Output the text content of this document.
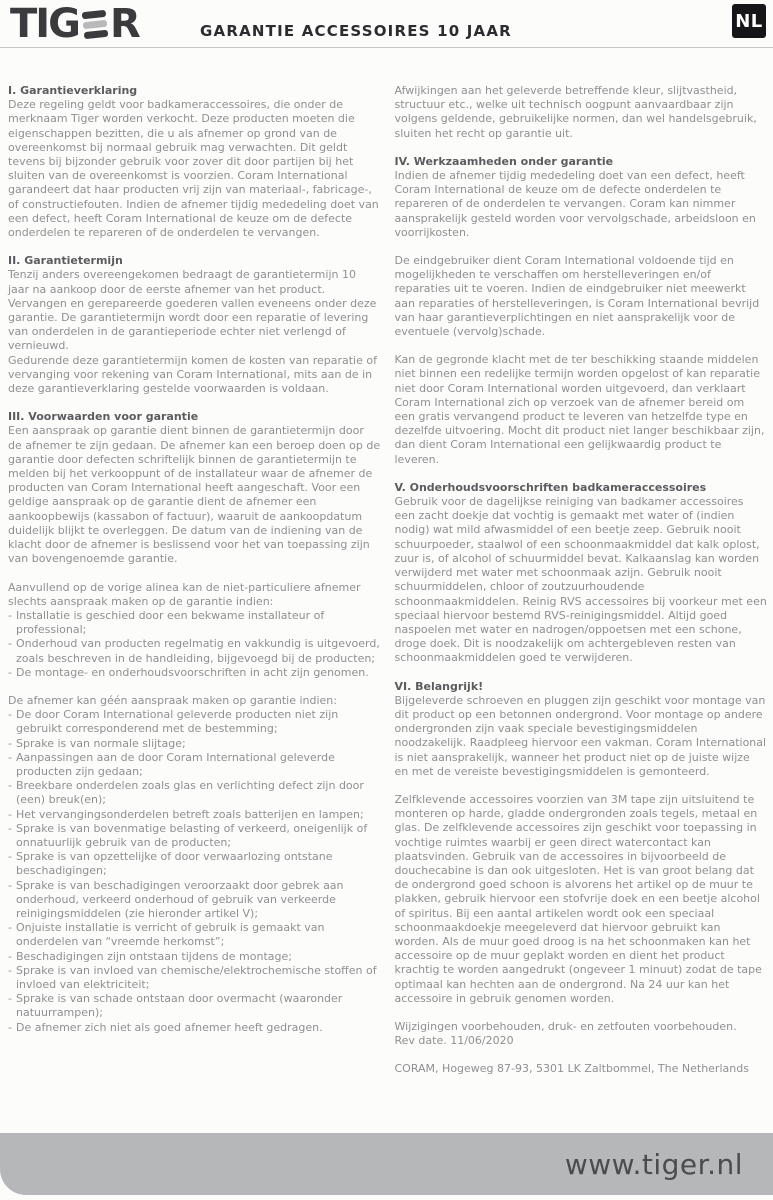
TIG R	GARANTIE ACCESSOIRES 10 JAAR	NL
I. Garantieverklaring

Deze regeling geldt voor badkameraccessoires, die onder de merknaam Tiger worden verkocht. Deze producten moeten die eigenschappen bezitten, die u als afnemer op grond van de overeenkomst bij normaal gebruik mag verwachten. Dit geldt tevens bij bijzonder gebruik voor zover dit door partijen bij het sluiten van de overeenkomst is voorzien. Coram International garandeert dat haar producten vrij zijn van materiaal-, fabricage-, of constructiefouten. Indien de afnemer tijdig mededeling doet van een defect, heeft Coram International de keuze om de defecte onderdelen te repareren of de onderdelen te vervangen.

II. Garantietermijn

Tenzij anders overeengekomen bedraagt de garantietermijn 10 jaar na aankoop door de eerste afnemer van het product.

Vervangen en gerepareerde goederen vallen eveneens onder deze garantie. De garantietermijn wordt door een reparatie of levering van onderdelen in de garantieperiode echter niet verlengd of vernieuwd.

Gedurende deze garantietermijn komen de kosten van reparatie of vervanging voor rekening van Coram International, mits aan de in deze garantieverklaring gestelde voorwaarden is voldaan.

III. Voorwaarden voor garantie

Een aanspraak op garantie dient binnen de garantietermijn door de afnemer te zijn gedaan. De afnemer kan een beroep doen op de garantie door defecten schriftelijk binnen de garantietermijn te melden bij het verkooppunt of de installateur waar de afnemer de producten van Coram International heeft aangeschaft. Voor een geldige aanspraak op de garantie dient de afnemer een aankoopbewijs (kassabon of factuur), waaruit de aankoopdatum duidelijk blijkt te overleggen. De datum van de indiening van de klacht door de afnemer is beslissend voor het van toepassing zijn van bovengenoemde garantie.

Aanvullend op de vorige alinea kan de niet-particuliere afnemer slechts aanspraak maken op de garantie indien:

- Installatie is geschied door een bekwame installateur of professional;
- Onderhoud van producten regelmatig en vakkundig is uitgevoerd, zoals beschreven in de handleiding, bijgevoegd bij de producten;
- De montage- en onderhoudsvoorschriften in acht zijn genomen.

De afnemer kan géén aanspraak maken op garantie indien:

- De door Coram International geleverde producten niet zijn gebruikt corresponderend met de bestemming;
- Sprake is van normale slijtage;
- Aanpassingen aan de door Coram International geleverde producten zijn gedaan;
- Breekbare onderdelen zoals glas en verlichting defect zijn door (een) breuk(en);
- Het vervangingsonderdelen betreft zoals batterijen en lampen;
- Sprake is van bovenmatige belasting of verkeerd, oneigenlijk of onnatuurlijk gebruik van de producten;
- Sprake is van opzettelijke of door verwaarlozing ontstane beschadigingen;
- Sprake is van beschadigingen veroorzaakt door gebrek aan onderhoud, verkeerd onderhoud of gebruik van verkeerde reinigingsmiddelen (zie hieronder artikel V);
- Onjuiste installatie is verricht of gebruik is gemaakt van onderdelen van “vreemde herkomst”;
- Beschadigingen zijn ontstaan tijdens de montage;
- Sprake is van invloed van chemische/elektrochemische stoffen of invloed van elektriciteit;
- Sprake is van schade ontstaan door overmacht (waaronder natuurrampen);
- De afnemer zich niet als goed afnemer heeft gedragen.

Afwijkingen aan het geleverde betreffende kleur, slijtvastheid, structuur etc., welke uit technisch oogpunt aanvaardbaar zijn volgens geldende, gebruikelijke normen, dan wel handelsgebruik, sluiten het recht op garantie uit.

IV. Werkzaamheden onder garantie

Indien de afnemer tijdig mededeling doet van een defect, heeft Coram International de keuze om de defecte onderdelen te repareren of de onderdelen te vervangen. Coram kan nimmer aansprakelijk gesteld worden voor vervolgschade, arbeidsloon en voorrijkosten.

De eindgebruiker dient Coram International voldoende tijd en mogelijkheden te verschaffen om herstelleveringen en/of reparaties uit te voeren. Indien de eindgebruiker niet meewerkt aan reparaties of herstelleveringen, is Coram International bevrijd van haar garantieverplichtingen en niet aansprakelijk voor de eventuele (vervolg)schade.

Kan de gegronde klacht met de ter beschikking staande middelen niet binnen een redelijke termijn worden opgelost of kan reparatie niet door Coram International worden uitgevoerd, dan verklaart Coram International zich op verzoek van de afnemer bereid om een gratis vervangend product te leveren van hetzelfde type en dezelfde uitvoering. Mocht dit product niet langer beschikbaar zijn, dan dient Coram International een gelijkwaardig product te leveren.

V. Onderhoudsvoorschriften badkameraccessoires

Gebruik voor de dagelijkse reiniging van badkamer accessoires een zacht doekje dat vochtig is gemaakt met water of (indien nodig) wat mild afwasmiddel of een beetje zeep. Gebruik nooit schuurpoeder, staalwol of een schoonmaakmiddel dat kalk oplost, zuur is, of alcohol of schuurmiddel bevat. Kalkaanslag kan worden verwijderd met water met schoonmaak azijn. Gebruik nooit schuurmiddelen, chloor of zoutzuurhoudende schoonmaakmiddelen. Reinig RVS accessoires bij voorkeur met een speciaal hiervoor bestemd RVS-reinigingsmiddel. Altijd goed naspoelen met water en nadrogen/oppoetsen met een schone, droge doek. Dit is noodzakelijk om achtergebleven resten van schoonmaakmiddelen goed te verwijderen.

VI. Belangrijk!

Bijgeleverde schroeven en pluggen zijn geschikt voor montage van dit product op een betonnen ondergrond. Voor montage op andere ondergronden zijn vaak speciale bevestigingsmiddelen noodzakelijk. Raadpleeg hiervoor een vakman. Coram International is niet aansprakelijk, wanneer het product niet op de juiste wijze en met de vereiste bevestigingsmiddelen is gemonteerd.

Zelfklevende accessoires voorzien van 3M tape zijn uitsluitend te monteren op harde, gladde ondergronden zoals tegels, metaal en glas. De zelfklevende accessoires zijn geschikt voor toepassing in vochtige ruimtes waarbij er geen direct watercontact kan plaatsvinden. Gebruik van de accessoires in bijvoorbeeld de douchecabine is dan ook uitgesloten. Het is van groot belang dat de ondergrond goed schoon is alvorens het artikel op de muur te plakken, gebruik hiervoor een stofvrije doek en een beetje alcohol of spiritus. Bij een aantal artikelen wordt ook een speciaal schoonmaakdoekje meegeleverd dat hiervoor gebruikt kan worden. Als de muur goed droog is na het schoonmaken kan het accessoire op de muur geplakt worden en dient het product krachtig te worden aangedrukt (ongeveer 1 minuut) zodat de tape optimaal kan hechten aan de ondergrond. Na 24 uur kan het accessoire in gebruik genomen worden.

Wijzigingen voorbehouden, druk- en zetfouten voorbehouden.

Rev date. 11/06/2020

CORAM, Hogeweg 87-93, 5301 LK Zaltbommel, The Netherlands

www.tiger.nl
